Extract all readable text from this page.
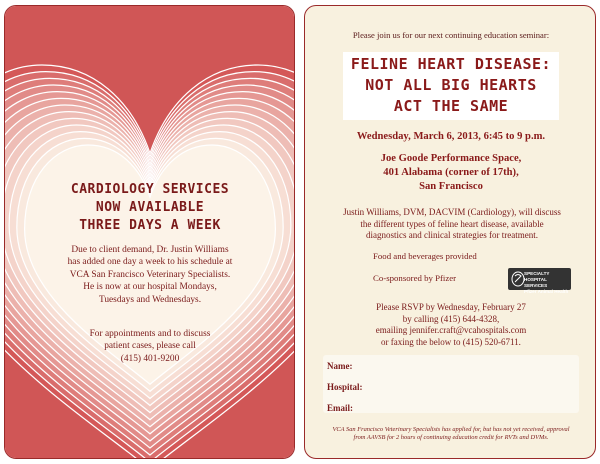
CARDIOLOGY SERVICES
NOW AVAILABLE
THREE DAYS A WEEK
Due to client demand, Dr. Justin Williams
has added one day a week to his schedule at
VCA San Francisco Veterinary Specialists.
He is now at our hospital Mondays,
Tuesdays and Wednesdays.
For appointments and to discuss
patient cases, please call
(415) 401-9200
Please join us for our next continuing education seminar:
FELINE HEART DISEASE:
NOT ALL BIG HEARTS
ACT THE SAME
Wednesday, March 6, 2013, 6:45 to 9 p.m.
Joe Goode Performance Space,
401 Alabama (corner of 17th),
San Francisco
Justin Williams, DVM, DACVIM (Cardiology), will discuss
the different types of feline heart disease, available
diagnostics and clinical strategies for treatment.
Food and beverages provided
Co-sponsored by Pfizer	SPECIALTY HOSPITAL SERVICES
Pfizer Animal Health
Please RSVP by Wednesday, February 27
by calling (415) 644-4328,
emailing jennifer.craft@vcahospitals.com
or faxing the below to (415) 520-6711.
Name:
Hospital:
Email:
VCA San Francisco Veterinary Specialists has applied for, but has not yet received, approval
from AAVSB for 2 hours of continuing education credit for RVTs and DVMs.
